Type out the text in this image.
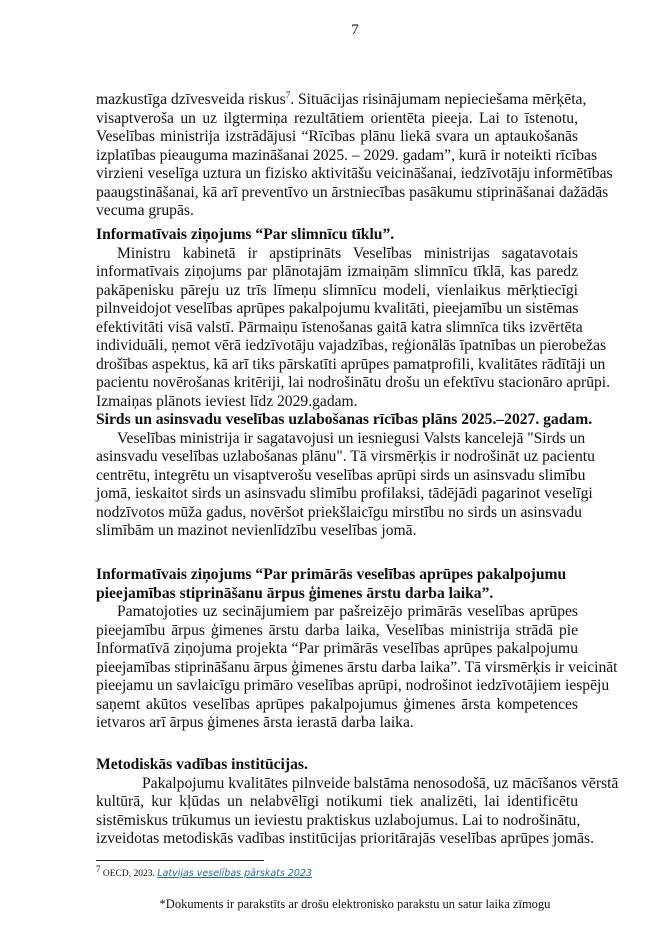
7
mazkustīga dzīvesveida riskus$^7$. Situācijas risinājumam nepieciešama mērķēta,
visaptveroša un uz ilgtermiņa rezultātiem orientēta pieeja. Lai to īstenotu,
Veselības ministrija izstrādājusi “Rīcības plānu liekā svara un aptaukošanās
izplatības pieauguma mazināšanai 2025. – 2029. gadam”, kurā ir noteikti rīcības
virzieni veselīga uztura un fizisko aktivitāšu veicināšanai, iedzīvotāju informētības
paaugstināšanai, kā arī preventīvo un ārstniecības pasākumu stiprināšanai dažādās
vecuma grupās.
Informatīvais ziņojums “Par slimnīcu tīklu”.
Ministru kabinetā ir apstiprināts Veselības ministrijas sagatavotais
informatīvais ziņojums par plānotajām izmaiņām slimnīcu tīklā, kas paredz
pakāpenisku pāreju uz trīs līmeņu slimnīcu modeli, vienlaikus mērķtiecīgi
pilnveidojot veselības aprūpes pakalpojumu kvalitāti, pieejamību un sistēmas
efektivitāti visā valstī. Pārmaiņu īstenošanas gaitā katra slimnīca tiks izvērtēta
individuāli, ņemot vērā iedzīvotāju vajadzības, reģionālās īpatnības un pierobežas
drošības aspektus, kā arī tiks pārskatīti aprūpes pamatprofili, kvalitātes rādītāji un
pacientu novērošanas kritēriji, lai nodrošinātu drošu un efektīvu stacionāro aprūpi.
Izmaiņas plānots ieviest līdz 2029.gadam.
Sirds un asinsvadu veselības uzlabošanas rīcības plāns 2025.–2027. gadam.
Veselības ministrija ir sagatavojusi un iesniegusi Valsts kancelejā "Sirds un
asinsvadu veselības uzlabošanas plānu". Tā virsmērķis ir nodrošināt uz pacientu
centrētu, integrētu un visaptverošu veselības aprūpi sirds un asinsvadu slimību
jomā, ieskaitot sirds un asinsvadu slimību profilaksi, tādējādi pagarinot veselīgi
nodzīvotos mūža gadus, novēršot priekšlaicīgu mirstību no sirds un asinsvadu
slimībām un mazinot nevienlīdzību veselības jomā.
Informatīvais ziņojums “Par primārās veselības aprūpes pakalpojumu
pieejamības stiprināšanu ārpus ģimenes ārstu darba laika”.
Pamatojoties uz secinājumiem par pašreizējo primārās veselības aprūpes
pieejamību ārpus ģimenes ārstu darba laika, Veselības ministrija strādā pie
Informatīvā ziņojuma projekta “Par primārās veselības aprūpes pakalpojumu
pieejamības stiprināšanu ārpus ģimenes ārstu darba laika”. Tā virsmērķis ir veicināt
pieejamu un savlaicīgu primāro veselības aprūpi, nodrošinot iedzīvotājiem iespēju
saņemt akūtos veselības aprūpes pakalpojumus ģimenes ārsta kompetences
ietvaros arī ārpus ģimenes ārsta ierastā darba laika.
Metodiskās vadības institūcijas.
Pakalpojumu kvalitātes pilnveide balstāma nenosodošā, uz mācīšanos vērstā
kultūrā, kur kļūdas un nelabvēlīgi notikumi tiek analizēti, lai identificētu
sistēmiskus trūkumus un ieviestu praktiskus uzlabojumus. Lai to nodrošinātu,
izveidotas metodiskās vadības institūcijas prioritārajās veselības aprūpes jomās.
$^7$ OECD, 2023. Latvijas veselības pārskats 2023
*Dokuments ir parakstīts ar drošu elektronisko parakstu un satur laika zīmogu
